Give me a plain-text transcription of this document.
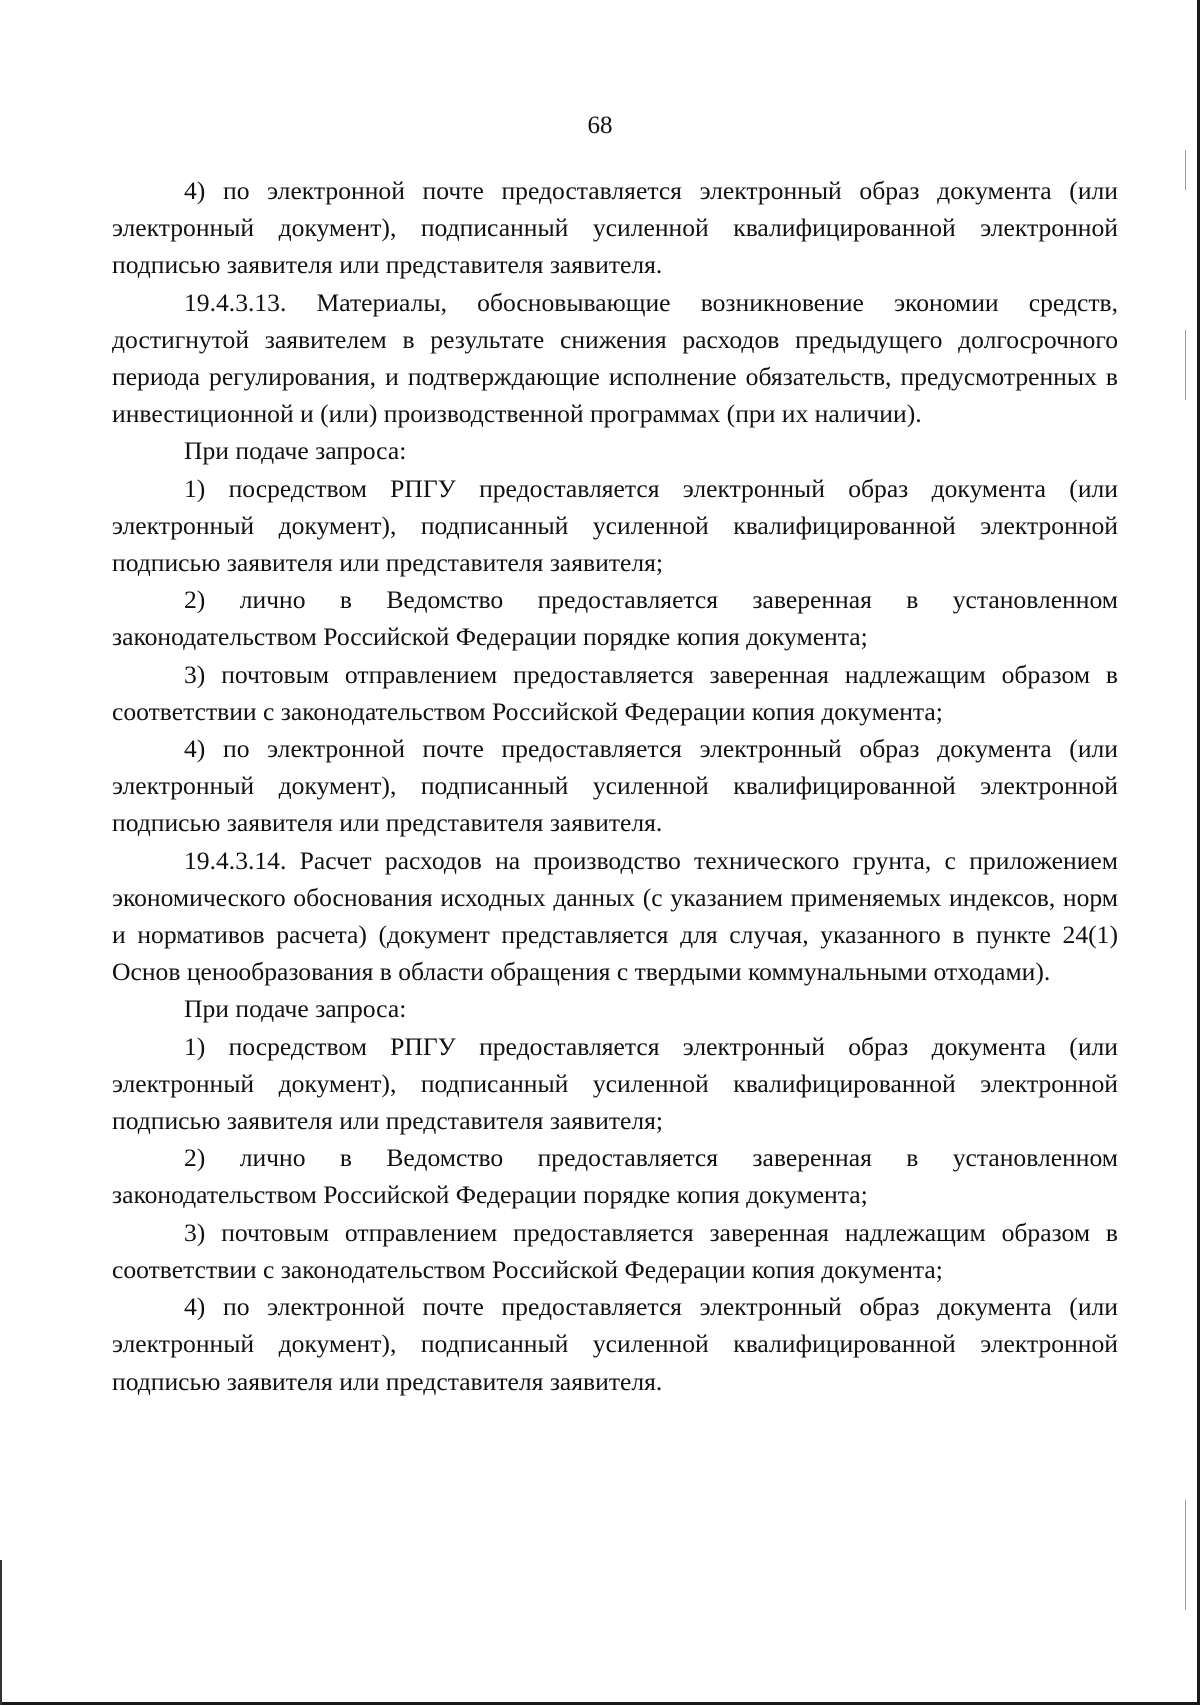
68

4) по электронной почте предоставляется электронный образ документа (или электронный документ), подписанный усиленной квалифицированной электронной подписью заявителя или представителя заявителя.

19.4.3.13. Материалы, обосновывающие возникновение экономии средств, достигнутой заявителем в результате снижения расходов предыдущего долгосрочного периода регулирования, и подтверждающие исполнение обязательств, предусмотренных в инвестиционной и (или) производственной программах (при их наличии).

При подаче запроса:

1) посредством РПГУ предоставляется электронный образ документа (или электронный документ), подписанный усиленной квалифицированной электронной подписью заявителя или представителя заявителя;

2) лично в Ведомство предоставляется заверенная в установленном законодательством Российской Федерации порядке копия документа;

3) почтовым отправлением предоставляется заверенная надлежащим образом в соответствии с законодательством Российской Федерации копия документа;

4) по электронной почте предоставляется электронный образ документа (или электронный документ), подписанный усиленной квалифицированной электронной подписью заявителя или представителя заявителя.

19.4.3.14. Расчет расходов на производство технического грунта, с приложением экономического обоснования исходных данных (с указанием применяемых индексов, норм и нормативов расчета) (документ представляется для случая, указанного в пункте 24(1) Основ ценообразования в области обращения с твердыми коммунальными отходами).

При подаче запроса:

1) посредством РПГУ предоставляется электронный образ документа (или электронный документ), подписанный усиленной квалифицированной электронной подписью заявителя или представителя заявителя;

2) лично в Ведомство предоставляется заверенная в установленном законодательством Российской Федерации порядке копия документа;

3) почтовым отправлением предоставляется заверенная надлежащим образом в соответствии с законодательством Российской Федерации копия документа;

4) по электронной почте предоставляется электронный образ документа (или электронный документ), подписанный усиленной квалифицированной электронной подписью заявителя или представителя заявителя.
